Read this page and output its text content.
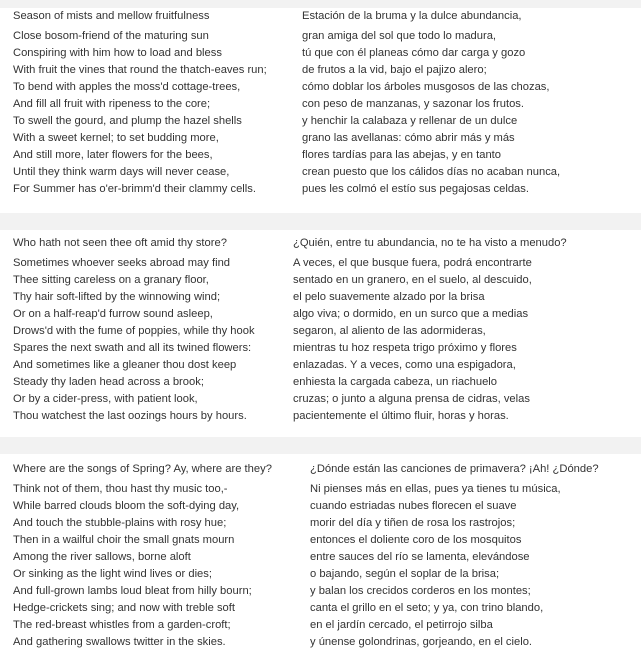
Season of mists and mellow fruitfulness
Close bosom-friend of the maturing sun
Conspiring with him how to load and bless
With fruit the vines that round the thatch-eaves run;
To bend with apples the moss'd cottage-trees,
And fill all fruit with ripeness to the core;
To swell the gourd, and plump the hazel shells
With a sweet kernel; to set budding more,
And still more, later flowers for the bees,
Until they think warm days will never cease,
For Summer has o'er-brimm'd their clammy cells.
Estación de la bruma y la dulce abundancia,
gran amiga del sol que todo lo madura,
tú que con él planeas cómo dar carga y gozo
de frutos a la vid, bajo el pajizo alero;
cómo doblar los árboles musgosos de las chozas,
con peso de manzanas, y sazonar los frutos.
y henchir la calabaza y rellenar de un dulce
grano las avellanas: cómo abrir más y más
flores tardías para las abejas, y en tanto
crean puesto que los cálidos días no acaban nunca,
pues les colmó el estío sus pegajosas celdas.
Who hath not seen thee oft amid thy store?
Sometimes whoever seeks abroad may find
Thee sitting careless on a granary floor,
Thy hair soft-lifted by the winnowing wind;
Or on a half-reap'd furrow sound asleep,
Drows'd with the fume of poppies, while thy hook
Spares the next swath and all its twined flowers:
And sometimes like a gleaner thou dost keep
Steady thy laden head across a brook;
Or by a cider-press, with patient look,
Thou watchest the last oozings hours by hours.
¿Quién, entre tu abundancia, no te ha visto a menudo?
A veces, el que busque fuera, podrá encontrarte
sentado en un granero, en el suelo, al descuido,
el pelo suavemente alzado por la brisa
algo viva; o dormido, en un surco que a medias
segaron, al aliento de las adormideras,
mientras tu hoz respeta trigo próximo y flores
enlazadas. Y a veces, como una espigadora,
enhiesta la cargada cabeza, un riachuelo
cruzas; o junto a alguna prensa de cidras, velas
pacientemente el último fluir, horas y horas.
Where are the songs of Spring? Ay, where are they?
Think not of them, thou hast thy music too,-
While barred clouds bloom the soft-dying day,
And touch the stubble-plains with rosy hue;
Then in a wailful choir the small gnats mourn
Among the river sallows, borne aloft
Or sinking as the light wind lives or dies;
And full-grown lambs loud bleat from hilly bourn;
Hedge-crickets sing; and now with treble soft
The red-breast whistles from a garden-croft;
And gathering swallows twitter in the skies.
¿Dónde están las canciones de primavera? ¡Ah! ¿Dónde?
Ni pienses más en ellas, pues ya tienes tu música,
cuando estriadas nubes florecen el suave
morir del día y tiñen de rosa los rastrojos;
entonces el doliente coro de los mosquitos
entre sauces del río se lamenta, elevándose
o bajando, según el soplar de la brisa;
y balan los crecidos corderos en los montes;
canta el grillo en el seto; y ya, con trino blando,
en el jardín cercado, el petirrojo silba
y únense golondrinas, gorjeando, en el cielo.
